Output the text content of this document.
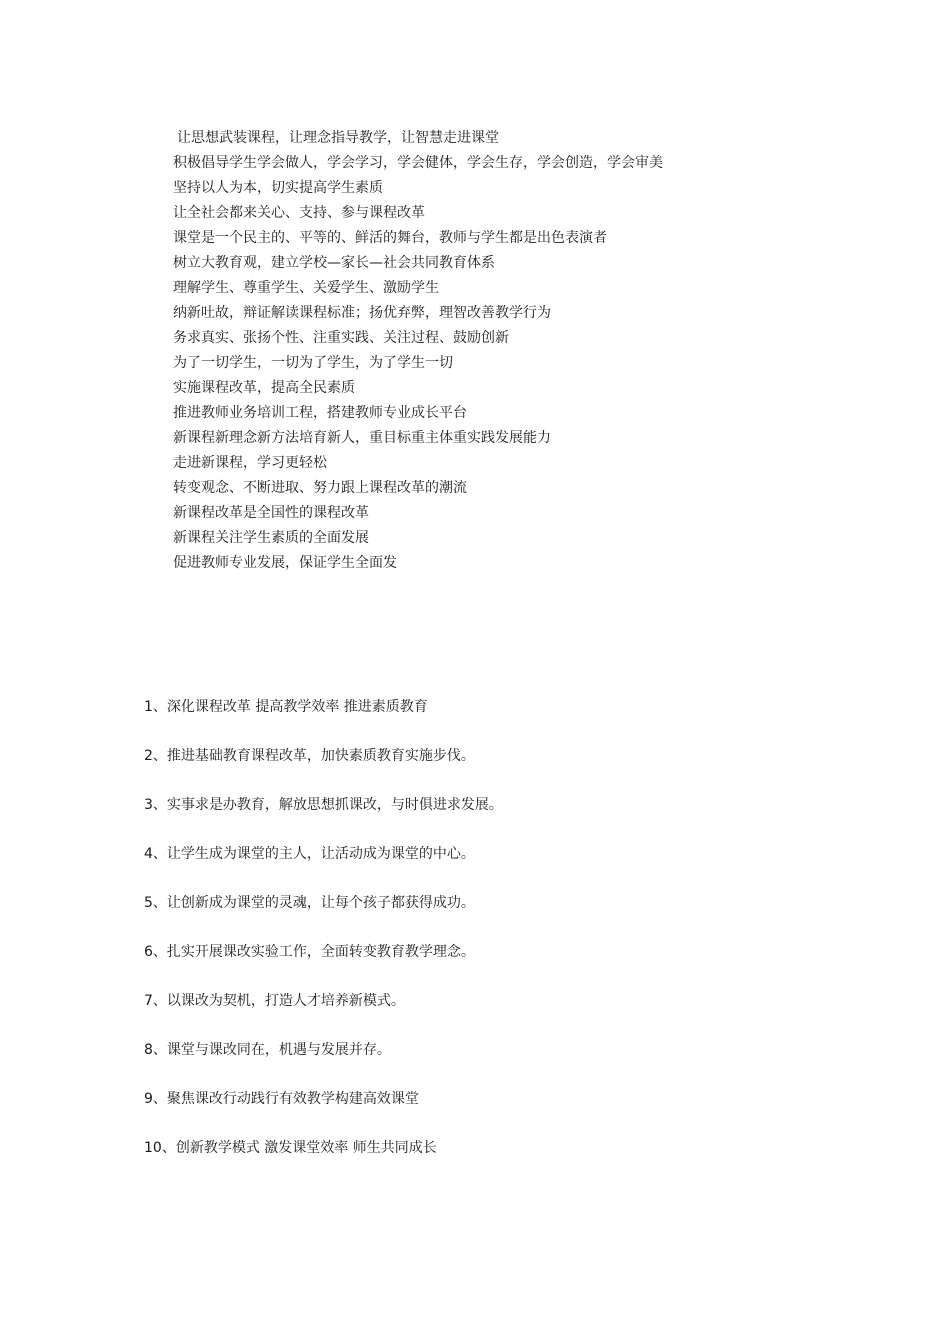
让思想武装课程，让理念指导教学，让智慧走进课堂
积极倡导学生学会做人，学会学习，学会健体，学会生存，学会创造，学会审美
坚持以人为本，切实提高学生素质
让全社会都来关心、支持、参与课程改革
课堂是一个民主的、平等的、鲜活的舞台，教师与学生都是出色表演者
树立大教育观，建立学校—家长—社会共同教育体系
理解学生、尊重学生、关爱学生、激励学生
纳新吐故，辩证解读课程标准；扬优弃弊，理智改善教学行为
务求真实、张扬个性、注重实践、关注过程、鼓励创新
为了一切学生，一切为了学生，为了学生一切
实施课程改革，提高全民素质
推进教师业务培训工程，搭建教师专业成长平台
新课程新理念新方法培育新人，重目标重主体重实践发展能力
走进新课程，学习更轻松
转变观念、不断进取、努力跟上课程改革的潮流
新课程改革是全国性的课程改革
新课程关注学生素质的全面发展
促进教师专业发展，保证学生全面发
1、深化课程改革 提高教学效率 推进素质教育
2、推进基础教育课程改革，加快素质教育实施步伐。
3、实事求是办教育，解放思想抓课改，与时俱进求发展。
4、让学生成为课堂的主人，让活动成为课堂的中心。
5、让创新成为课堂的灵魂，让每个孩子都获得成功。
6、扎实开展课改实验工作，全面转变教育教学理念。
7、以课改为契机，打造人才培养新模式。
8、课堂与课改同在，机遇与发展并存。
9、聚焦课改行动践行有效教学构建高效课堂
10、创新教学模式 激发课堂效率 师生共同成长
